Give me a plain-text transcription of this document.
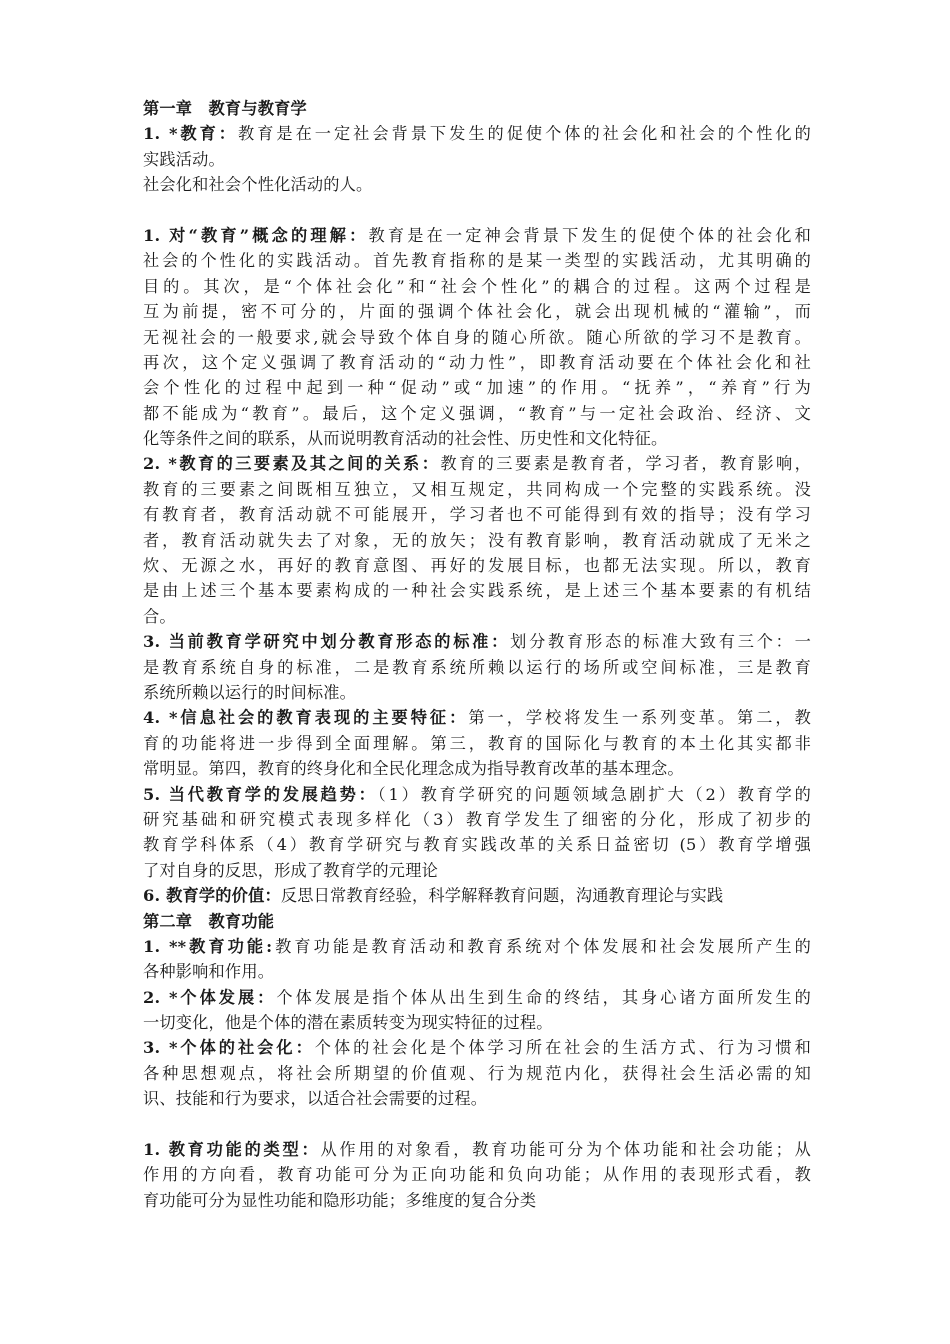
第一章　教育与教育学
1. *教育：教育是在一定社会背景下发生的促使个体的社会化和社会的个性化的
实践活动。
社会化和社会个性化活动的人。
1. 对“教育”概念的理解：教育是在一定神会背景下发生的促使个体的社会化和
社会的个性化的实践活动。首先教育指称的是某一类型的实践活动，尤其明确的
目的。其次，是“个体社会化”和“社会个性化”的耦合的过程。这两个过程是
互为前提，密不可分的，片面的强调个体社会化，就会出现机械的“灌输”，而
无视社会的一般要求,就会导致个体自身的随心所欲。随心所欲的学习不是教育。
再次，这个定义强调了教育活动的“动力性”，即教育活动要在个体社会化和社
会个性化的过程中起到一种“促动”或“加速”的作用。“抚养”，“养育”行为
都不能成为“教育”。最后，这个定义强调，“教育”与一定社会政治、经济、文
化等条件之间的联系，从而说明教育活动的社会性、历史性和文化特征。
2. *教育的三要素及其之间的关系：教育的三要素是教育者，学习者，教育影响，
教育的三要素之间既相互独立，又相互规定，共同构成一个完整的实践系统。没
有教育者，教育活动就不可能展开，学习者也不可能得到有效的指导；没有学习
者，教育活动就失去了对象，无的放矢；没有教育影响，教育活动就成了无米之
炊、无源之水，再好的教育意图、再好的发展目标，也都无法实现。所以，教育
是由上述三个基本要素构成的一种社会实践系统，是上述三个基本要素的有机结
合。
3. 当前教育学研究中划分教育形态的标准：划分教育形态的标准大致有三个：一
是教育系统自身的标准，二是教育系统所赖以运行的场所或空间标准，三是教育
系统所赖以运行的时间标准。
4. *信息社会的教育表现的主要特征：第一，学校将发生一系列变革。第二，教
育的功能将进一步得到全面理解。第三，教育的国际化与教育的本土化其实都非
常明显。第四，教育的终身化和全民化理念成为指导教育改革的基本理念。
5. 当代教育学的发展趋势：（1）教育学研究的问题领域急剧扩大（2）教育学的
研究基础和研究模式表现多样化（3）教育学发生了细密的分化，形成了初步的
教育学科体系（4）教育学研究与教育实践改革的关系日益密切 (5）教育学增强
了对自身的反思，形成了教育学的元理论
6. 教育学的价值：反思日常教育经验，科学解释教育问题，沟通教育理论与实践
第二章　教育功能
1. **教育功能:教育功能是教育活动和教育系统对个体发展和社会发展所产生的
各种影响和作用。
2. *个体发展：个体发展是指个体从出生到生命的终结，其身心诸方面所发生的
一切变化，他是个体的潜在素质转变为现实特征的过程。
3. *个体的社会化：个体的社会化是个体学习所在社会的生活方式、行为习惯和
各种思想观点，将社会所期望的价值观、行为规范内化，获得社会生活必需的知
识、技能和行为要求，以适合社会需要的过程。
1. 教育功能的类型：从作用的对象看，教育功能可分为个体功能和社会功能；从
作用的方向看，教育功能可分为正向功能和负向功能；从作用的表现形式看，教
育功能可分为显性功能和隐形功能；多维度的复合分类
